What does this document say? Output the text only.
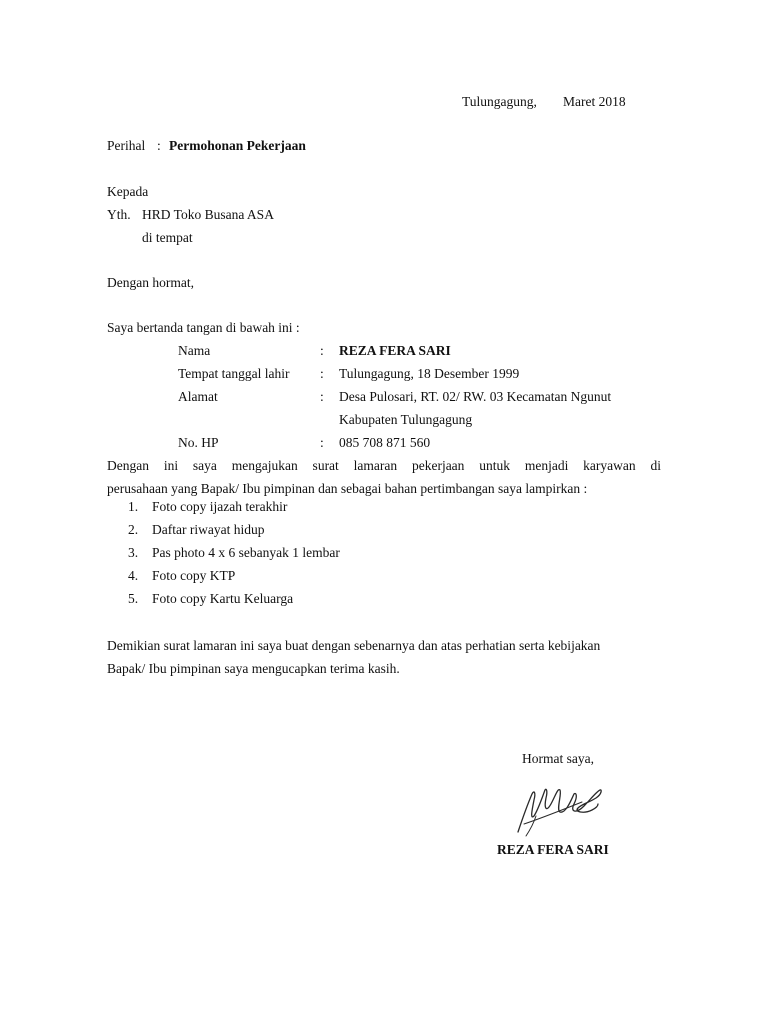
Tulungagung, Maret 2018
Perihal : Permohonan Pekerjaan
Kepada
Yth. HRD Toko Busana ASA
di tempat
Dengan hormat,
Saya bertanda tangan di bawah ini :
Nama	: REZA FERA SARI
Tempat tanggal lahir : Tulungagung, 18 Desember 1999
Alamat	: Desa Pulosari, RT. 02/ RW. 03 Kecamatan Ngunut
Kabupaten Tulungagung
No. HP	: 085 708 871 560
Dengan ini saya mengajukan surat lamaran pekerjaan untuk menjadi karyawan di
perusahaan yang Bapak/ Ibu pimpinan dan sebagai bahan pertimbangan saya lampirkan :
1. Foto copy ijazah terakhir
2. Daftar riwayat hidup
3. Pas photo 4 x 6 sebanyak 1 lembar
4. Foto copy KTP
5. Foto copy Kartu Keluarga
Demikian surat lamaran ini saya buat dengan sebenarnya dan atas perhatian serta kebijakan
Bapak/ Ibu pimpinan saya mengucapkan terima kasih.
Hormat saya,
REZA FERA SARI
